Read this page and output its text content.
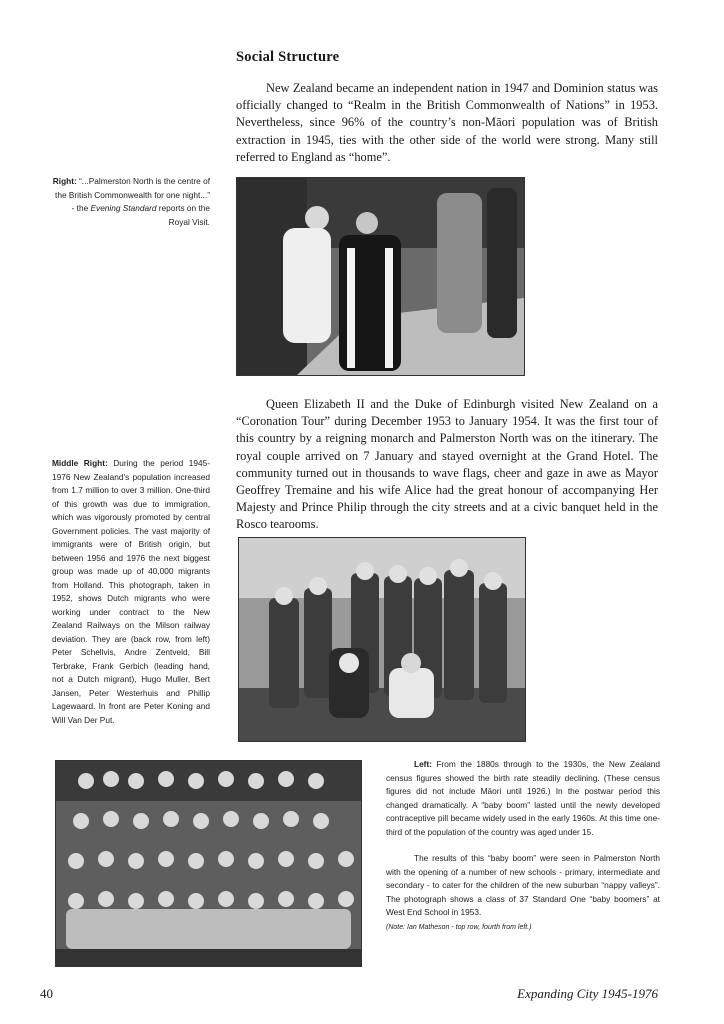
Social Structure
New Zealand became an independent nation in 1947 and Dominion status was officially changed to “Realm in the British Commonwealth of Nations” in 1953. Nevertheless, since 96% of the country’s non-Māori population was of British extraction in 1945, ties with the other side of the world were strong. Many still referred to England as “home”.
Right: “...Palmerston North is the centre of the British Commonwealth for one night...” - the Evening Standard reports on the Royal Visit.
Queen Elizabeth II and the Duke of Edinburgh visited New Zealand on a “Coronation Tour” during December 1953 to January 1954. It was the first tour of this country by a reigning monarch and Palmerston North was on the itinerary. The royal couple arrived on 7 January and stayed overnight at the Grand Hotel. The community turned out in thousands to wave flags, cheer and gaze in awe as Mayor Geoffrey Tremaine and his wife Alice had the great honour of accompanying Her Majesty and Prince Philip through the city streets and at a civic banquet held in the Rosco tearooms.
Middle Right: During the period 1945-1976 New Zealand’s population increased from 1.7 million to over 3 million. One-third of this growth was due to immigration, which was vigorously promoted by central Government policies. The vast majority of immigrants were of British origin, but between 1956 and 1976 the next biggest group was made up of 40,000 migrants from Holland. This photograph, taken in 1952, shows Dutch migrants who were working under contract to the New Zealand Railways on the Milson railway deviation. They are (back row, from left) Peter Schellvis, Andre Zentveld, Bill Terbrake, Frank Gerbich (leading hand, not a Dutch migrant), Hugo Muller, Bert Jansen, Peter Westerhuis and Phillip Lagewaard. In front are Peter Koning and Will Van Der Put.
Left: From the 1880s through to the 1930s, the New Zealand census figures showed the birth rate steadily declining. (These census figures did not include Māori until 1926.) In the postwar period this changed dramatically. A “baby boom” lasted until the newly developed contraceptive pill became widely used in the early 1960s. At this time one-third of the population of the country was aged under 15.
The results of this “baby boom” were seen in Palmerston North with the opening of a number of new schools - primary, intermediate and secondary - to cater for the children of the new suburban “nappy valleys”. The photograph shows a class of 37 Standard One “baby boomers” at West End School in 1953.
(Note: Ian Matheson - top row, fourth from left.)
40	Expanding City 1945-1976
